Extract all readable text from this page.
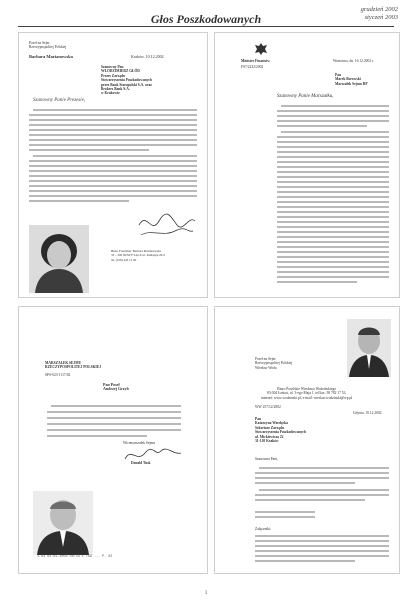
Głos Poszkodowanych
grudzień 2002
styczeń 2003
Poseł na Sejm
Rzeczypospolitej Polskiej
Barbara Marianowska	Kraków, 10.12.2002
Szanowny Pan
WŁODZIMIERZ GŁÓD
Prezes Zarządu
Stowarzyszenia Poszkodowanych
przez Bank Staropolski S.A. oraz
Brokers Bank S.A.
w Krakowie
Szanowny Panie Prezesie,
Biuro Poselskie: Barbara Marianowska
33 – 300 NOWY SĄCZ ul. Kołłątaja 26/4
tel. (018) 443 12 00
Minister Finansów
FS7/2232/2002
Warszawa, dn. 16.12.2002 r.
Pan
Marek Borowski
Marszałek Sejmu RP
Szanowny Panie Marszałku,
MARSZAŁEK SEJMU
RZECZYPOSPOLITEJ POLSKIEJ
SPS-023-1117/02
Pan Poseł
Andrzej Grzyb
Wicemarszałek Sejmu
Donald Tusk
1.03 03.01.2003 08:33 1 799 ... P. 02
Poseł na Sejm
Rzeczypospolitej Polskiej
Wiesław Woda
Biuro Poselskie Wiesława Wodzińskiego
83-304 Łańcut, ul. 3-ego Maja 1, tel/fax: 58 782 17 53,
internet: www.wodzinski.pl, e-mail: wieslaw.wodzinski@wp.pl
WW 257/12/2002
Gdynia, 10.12.2002
Pan
Katarzyna Wardęcka
Sekretarz Zarządu
Stowarzyszenia Poszkodowanych
ul. Mickiewicza 22
31-120 Kraków
Szanowna Pani,
Załączniki:
3
